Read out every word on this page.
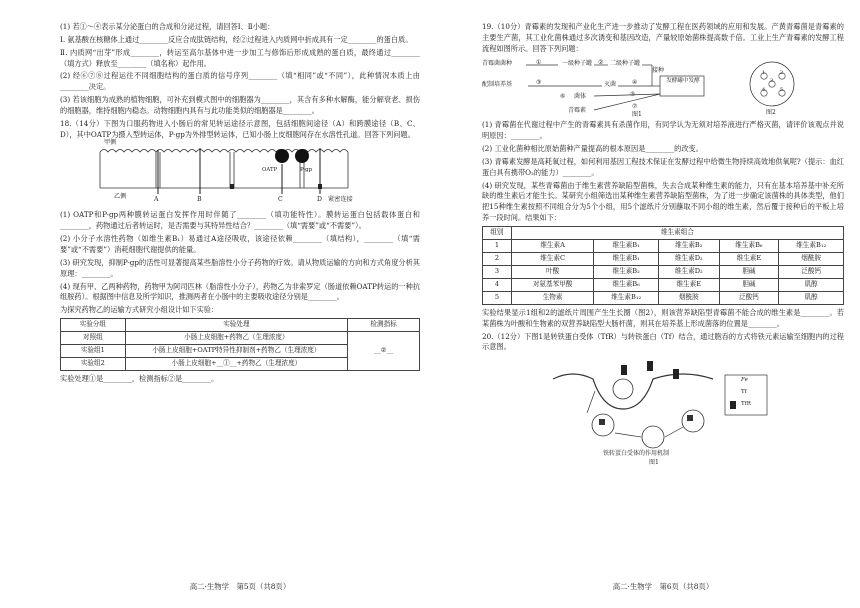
(1) 若①～④表示某分泌蛋白的合成和分泌过程，请回答Ⅰ、Ⅱ小题：

Ⅰ. 氨基酸在核糖体上通过________反应合成肽链结构，经②过程进入内质网中折成具有一定________的蛋白质。

Ⅱ. 内质网“出芽”形成________，转运至高尔基体中进一步加工与修饰后形成成熟的蛋白质，最终通过________（填方式）释放至________（填名称）起作用。

(2) 经⑥⑦⑧过程运往不同细胞结构的蛋白质的信号序列________（填“相同”或“不同”），此种情况本质上由________决定。

(3) 若该细胞为成熟的植物细胞，可补充到模式图中的细胞器为________，其含有多种水解酶，能分解衰老、损伤的细胞器，维持细胞内稳态。动物细胞内具有与此功能类似的细胞器是________。

18.（14分）下图为口服药物进入小肠后的常见转运途径示意图，包括细胞间途径（A）和跨膜途径（B、C、D），其中OATP为摄入型转运体，P-gp为外排型转运体，已知小肠上皮细胞间存在水溶性孔道。回答下列问题。

甲侧
乙侧	A	B	C	D
OATP	P-gp
紧密连接

(1) OATP和P-gp两种膜转运蛋白发挥作用时伴随了________（填功能特性）。膜转运蛋白包括载体蛋白和________，药物通过后者转运时，是否需要与其特异性结合？________（填“需要”或“不需要”）。

(2) 小分子水溶性药物（如维生素B₁）易通过A途径吸收，该途径依赖________（填结构），________（填“需要”或“不需要”）消耗细胞代谢提供的能量。

(3) 研究发现，抑制P-gp的活性可显著提高某些脂溶性小分子药物的疗效。请从物质运输的方向和方式角度分析其原理：________。

(4) 现有甲、乙两种药物，药物甲为阿司匹林（脂溶性小分子），药物乙为非索罗定（肠道依赖OATP转运的一种抗组胺药）。根据图中信息及所学知识，推测两者在小肠中的主要吸收途径分别是________。

为探究药物乙的运输方式研究小组设计如下实验：

实验分组	实验处理	检测指标
对照组	小肠上皮细胞+药物乙（生理浓度）	__②__
实验组1	小肠上皮细胞+OATP特异性抑制剂+药物乙（生理浓度）	
实验组2	小肠上皮细胞+__①__+药物乙（生理浓度）	

实验处理①是________，检测指标②是________。

高二·生物学　第5页（共8页）

19.（10分）青霉素的发现和产业化生产进一步推动了发酵工程在医药领域的应用和发展。产黄青霉菌是青霉素的主要生产菌，其工业化菌株通过多次诱变和基因改造，产量较原始菌株提高数千倍。工业上生产青霉素的发酵工程流程如图所示。回答下列问题：

青霉菌菌种	①	一级种子罐 ② 二级种子罐
接种
配制培养基	③	灭菌	④	发酵罐中发酵
⑤
菌体
⑥
⑦
青霉素
图1
1	2
3
4	5
图2

(1) 青霉菌在代谢过程中产生的青霉素具有杀菌作用，有同学认为无须对培养液进行严格灭菌，请评价该观点并说明原因：________。

(2) 工业化菌种相比原始菌种产量提高的根本原因是________的改变。

(3) 青霉素发酵是高耗氧过程，如何利用基因工程技术保证在发酵过程中给微生物持续高效地供氧呢?（提示：血红蛋白具有携带O₂的能力）________。

(4) 研究发现，某些青霉菌由于维生素营养缺陷型菌株，失去合成某种维生素的能力，只有在基本培养基中补充所缺的维生素后才能生长。某研究小组筛选出某种维生素营养缺陷型菌株，为了进一步确定该菌株的具体类型，他们把15种维生素按照不同组合分为5个小组，用5个滤纸片分别蘸取不同小组的维生素，然后覆于接种后的平板上培养一段时间。结果如下：

组别	维生素组合				
1	维生素A	维生素B₁	维生素B₂	维生素B₆	维生素B₁₂
2	维生素C	维生素B₁	维生素D₂	维生素E	烟酰胺
3	叶酸	维生素B₂	维生素D₂	胆碱	泛酸钙
4	对氨基苯甲酸	维生素B₆	维生素E	胆碱	肌醇
5	生物素	维生素B₁₂	烟酰胺	泛酸钙	肌醇

实验结果显示1组和2的滤纸片周围产生生长圈（图2），则该营养缺陷型青霉菌不能合成的维生素是________。若某菌株为叶酸和生物素的双营养缺陷型大肠杆菌，则其在培养基上形成菌落的位置是________。

20.（12分）下图1是转铁蛋白受体（TfR）与转铁蛋白（Tf）结合，通过胞吞的方式将铁元素运输至细胞内的过程示意图。

Fe
Tf
TfR
铁转蛋白受体的作用机制
图1
高二·生物学　第6页（共8页）
